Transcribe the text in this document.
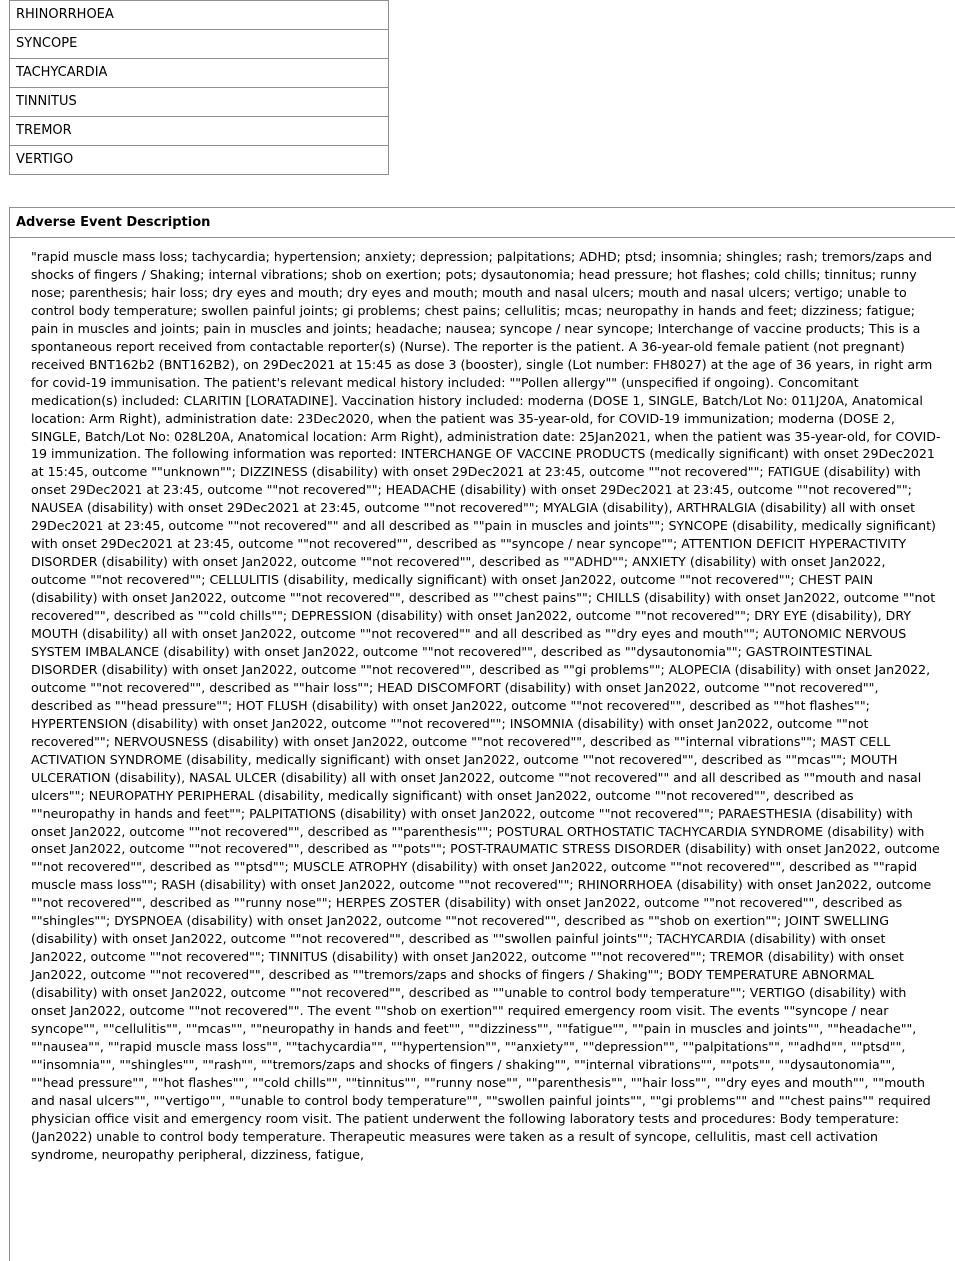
RHINORRHOEA
SYNCOPE
TACHYCARDIA
TINNITUS
TREMOR
VERTIGO
Adverse Event Description
"rapid muscle mass loss; tachycardia; hypertension; anxiety; depression; palpitations; ADHD; ptsd; insomnia; shingles; rash; tremors/zaps and shocks of fingers / Shaking; internal vibrations; shob on exertion; pots; dysautonomia; head pressure; hot flashes; cold chills; tinnitus; runny nose; parenthesis; hair loss; dry eyes and mouth; dry eyes and mouth; mouth and nasal ulcers; mouth and nasal ulcers; vertigo; unable to control body temperature; swollen painful joints; gi problems; chest pains; cellulitis; mcas; neuropathy in hands and feet; dizziness; fatigue; pain in muscles and joints; pain in muscles and joints; headache; nausea; syncope / near syncope; Interchange of vaccine products; This is a spontaneous report received from contactable reporter(s) (Nurse). The reporter is the patient. A 36-year-old female patient (not pregnant) received BNT162b2 (BNT162B2), on 29Dec2021 at 15:45 as dose 3 (booster), single (Lot number: FH8027) at the age of 36 years, in right arm for covid-19 immunisation. The patient's relevant medical history included: ""Pollen allergy"" (unspecified if ongoing). Concomitant medication(s) included: CLARITIN [LORATADINE]. Vaccination history included: moderna (DOSE 1, SINGLE, Batch/Lot No: 011J20A, Anatomical location: Arm Right), administration date: 23Dec2020, when the patient was 35-year-old, for COVID-19 immunization; moderna (DOSE 2, SINGLE, Batch/Lot No: 028L20A, Anatomical location: Arm Right), administration date: 25Jan2021, when the patient was 35-year-old, for COVID-19 immunization. The following information was reported: INTERCHANGE OF VACCINE PRODUCTS (medically significant) with onset 29Dec2021 at 15:45, outcome ""unknown""; DIZZINESS (disability) with onset 29Dec2021 at 23:45, outcome ""not recovered""; FATIGUE (disability) with onset 29Dec2021 at 23:45, outcome ""not recovered""; HEADACHE (disability) with onset 29Dec2021 at 23:45, outcome ""not recovered""; NAUSEA (disability) with onset 29Dec2021 at 23:45, outcome ""not recovered""; MYALGIA (disability), ARTHRALGIA (disability) all with onset 29Dec2021 at 23:45, outcome ""not recovered"" and all described as ""pain in muscles and joints""; SYNCOPE (disability, medically significant) with onset 29Dec2021 at 23:45, outcome ""not recovered"", described as ""syncope / near syncope""; ATTENTION DEFICIT HYPERACTIVITY DISORDER (disability) with onset Jan2022, outcome ""not recovered"", described as ""ADHD""; ANXIETY (disability) with onset Jan2022, outcome ""not recovered""; CELLULITIS (disability, medically significant) with onset Jan2022, outcome ""not recovered""; CHEST PAIN (disability) with onset Jan2022, outcome ""not recovered"", described as ""chest pains""; CHILLS (disability) with onset Jan2022, outcome ""not recovered"", described as ""cold chills""; DEPRESSION (disability) with onset Jan2022, outcome ""not recovered""; DRY EYE (disability), DRY MOUTH (disability) all with onset Jan2022, outcome ""not recovered"" and all described as ""dry eyes and mouth""; AUTONOMIC NERVOUS SYSTEM IMBALANCE (disability) with onset Jan2022, outcome ""not recovered"", described as ""dysautonomia""; GASTROINTESTINAL DISORDER (disability) with onset Jan2022, outcome ""not recovered"", described as ""gi problems""; ALOPECIA (disability) with onset Jan2022, outcome ""not recovered"", described as ""hair loss""; HEAD DISCOMFORT (disability) with onset Jan2022, outcome ""not recovered"", described as ""head pressure""; HOT FLUSH (disability) with onset Jan2022, outcome ""not recovered"", described as ""hot flashes""; HYPERTENSION (disability) with onset Jan2022, outcome ""not recovered""; INSOMNIA (disability) with onset Jan2022, outcome ""not recovered""; NERVOUSNESS (disability) with onset Jan2022, outcome ""not recovered"", described as ""internal vibrations""; MAST CELL ACTIVATION SYNDROME (disability, medically significant) with onset Jan2022, outcome ""not recovered"", described as ""mcas""; MOUTH ULCERATION (disability), NASAL ULCER (disability) all with onset Jan2022, outcome ""not recovered"" and all described as ""mouth and nasal ulcers""; NEUROPATHY PERIPHERAL (disability, medically significant) with onset Jan2022, outcome ""not recovered"", described as ""neuropathy in hands and feet""; PALPITATIONS (disability) with onset Jan2022, outcome ""not recovered""; PARAESTHESIA (disability) with onset Jan2022, outcome ""not recovered"", described as ""parenthesis""; POSTURAL ORTHOSTATIC TACHYCARDIA SYNDROME (disability) with onset Jan2022, outcome ""not recovered"", described as ""pots""; POST-TRAUMATIC STRESS DISORDER (disability) with onset Jan2022, outcome ""not recovered"", described as ""ptsd""; MUSCLE ATROPHY (disability) with onset Jan2022, outcome ""not recovered"", described as ""rapid muscle mass loss""; RASH (disability) with onset Jan2022, outcome ""not recovered""; RHINORRHOEA (disability) with onset Jan2022, outcome ""not recovered"", described as ""runny nose""; HERPES ZOSTER (disability) with onset Jan2022, outcome ""not recovered"", described as ""shingles""; DYSPNOEA (disability) with onset Jan2022, outcome ""not recovered"", described as ""shob on exertion""; JOINT SWELLING (disability) with onset Jan2022, outcome ""not recovered"", described as ""swollen painful joints""; TACHYCARDIA (disability) with onset Jan2022, outcome ""not recovered""; TINNITUS (disability) with onset Jan2022, outcome ""not recovered""; TREMOR (disability) with onset Jan2022, outcome ""not recovered"", described as ""tremors/zaps and shocks of fingers / Shaking""; BODY TEMPERATURE ABNORMAL (disability) with onset Jan2022, outcome ""not recovered"", described as ""unable to control body temperature""; VERTIGO (disability) with onset Jan2022, outcome ""not recovered"". The event ""shob on exertion"" required emergency room visit. The events ""syncope / near syncope"", ""cellulitis"", ""mcas"", ""neuropathy in hands and feet"", ""dizziness"", ""fatigue"", ""pain in muscles and joints"", ""headache"", ""nausea"", ""rapid muscle mass loss"", ""tachycardia"", ""hypertension"", ""anxiety"", ""depression"", ""palpitations"", ""adhd"", ""ptsd"", ""insomnia"", ""shingles"", ""rash"", ""tremors/zaps and shocks of fingers / shaking"", ""internal vibrations"", ""pots"", ""dysautonomia"", ""head pressure"", ""hot flashes"", ""cold chills"", ""tinnitus"", ""runny nose"", ""parenthesis"", ""hair loss"", ""dry eyes and mouth"", ""mouth and nasal ulcers"", ""vertigo"", ""unable to control body temperature"", ""swollen painful joints"", ""gi problems"" and ""chest pains"" required physician office visit and emergency room visit. The patient underwent the following laboratory tests and procedures: Body temperature: (Jan2022) unable to control body temperature. Therapeutic measures were taken as a result of syncope, cellulitis, mast cell activation syndrome, neuropathy peripheral, dizziness, fatigue,
